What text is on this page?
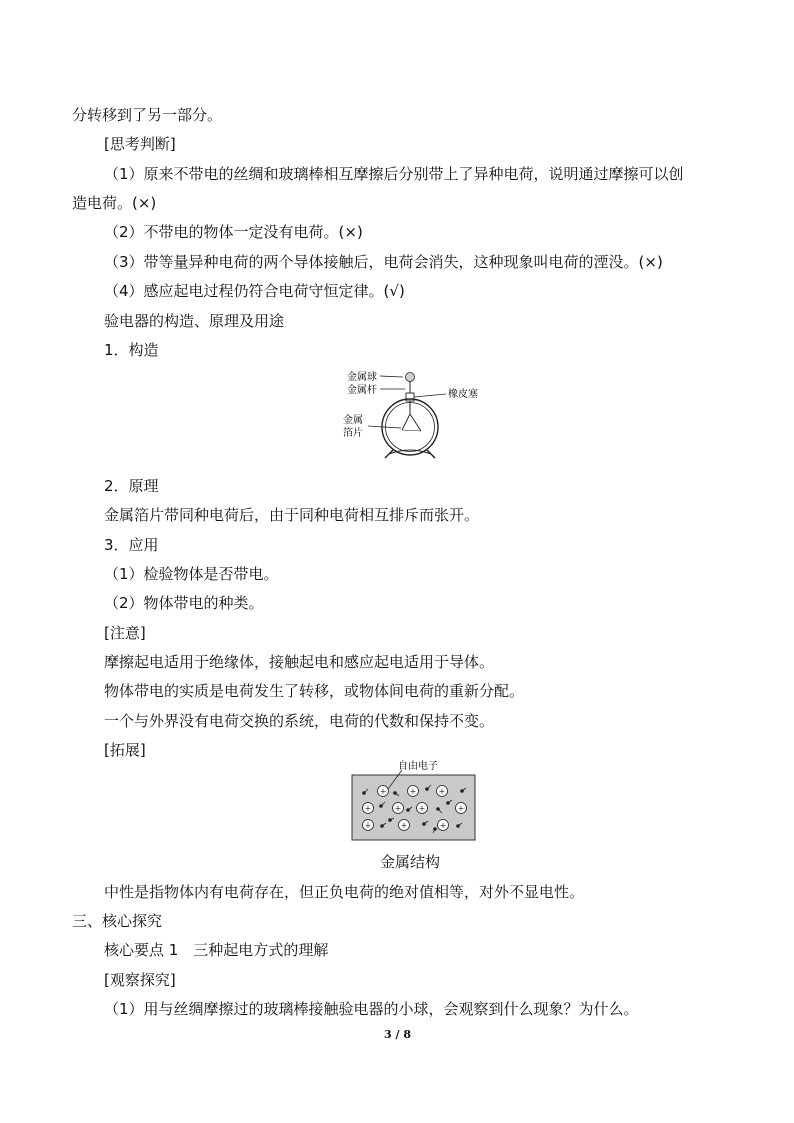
分转移到了另一部分。
[思考判断]
（1）原来不带电的丝绸和玻璃棒相互摩擦后分别带上了异种电荷，说明通过摩擦可以创
造电荷。(×)
（2）不带电的物体一定没有电荷。(×)
（3）带等量异种电荷的两个导体接触后，电荷会消失，这种现象叫电荷的湮没。(×)
（4）感应起电过程仍符合电荷守恒定律。(√)
验电器的构造、原理及用途
1．构造
金属球
金属杆	橡皮塞
金属
箔片
2．原理
金属箔片带同种电荷后，由于同种电荷相互排斥而张开。
3．应用
（1）检验物体是否带电。
（2）物体带电的种类。
[注意]
摩擦起电适用于绝缘体，接触起电和感应起电适用于导体。
物体带电的实质是电荷发生了转移，或物体间电荷的重新分配。
一个与外界没有电荷交换的系统，电荷的代数和保持不变。
[拓展]
自由电子
+	+	+
+	+ +	+
+	+	+
金属结构
中性是指物体内有电荷存在，但正负电荷的绝对值相等，对外不显电性。
三、核心探究
核心要点 1　三种起电方式的理解
[观察探究]
（1）用与丝绸摩擦过的玻璃棒接触验电器的小球，会观察到什么现象？为什么。
3 / 8
